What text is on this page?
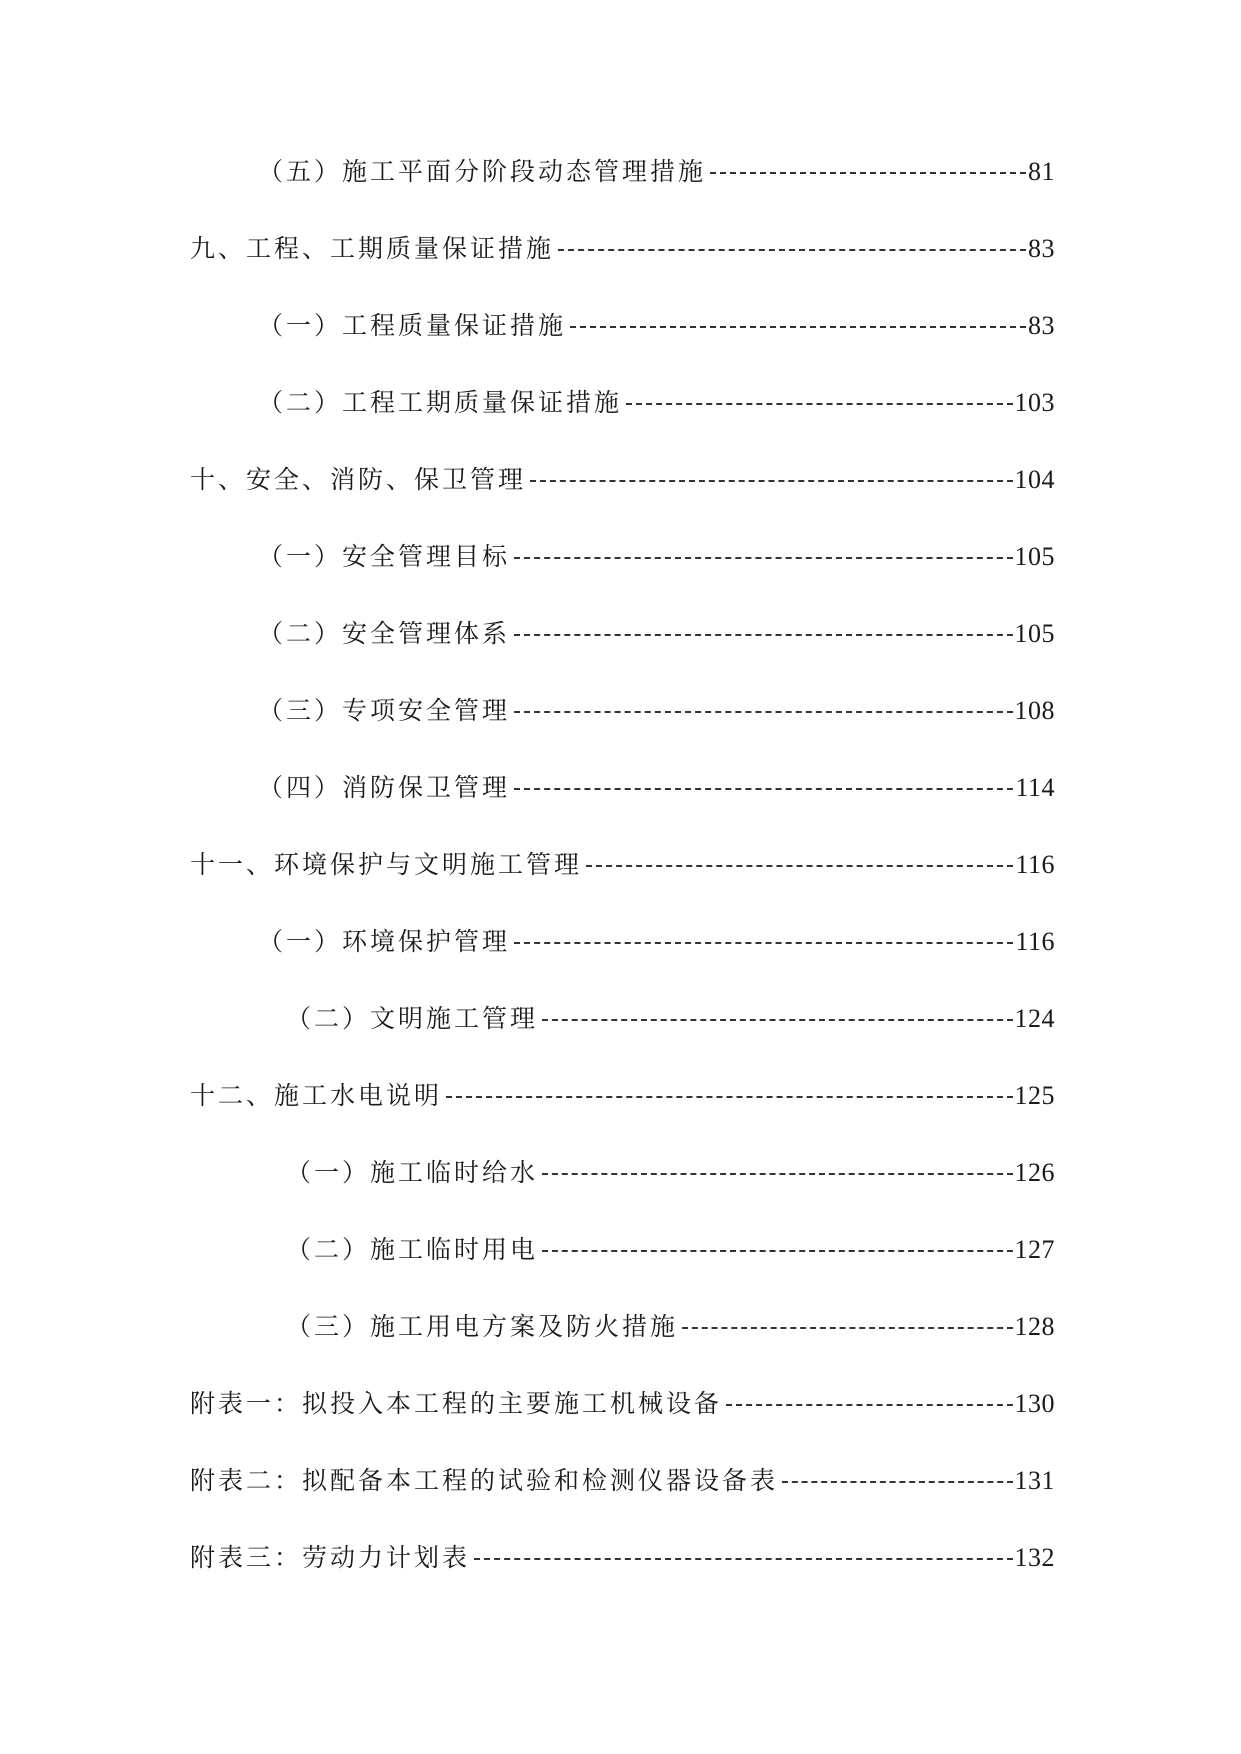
（五）施工平面分阶段动态管理措施	81
九、工程、工期质量保证措施	83
（一）工程质量保证措施	83
（二）工程工期质量保证措施	103
十、安全、消防、保卫管理	104
（一）安全管理目标	105
（二）安全管理体系	105
（三）专项安全管理	108
（四）消防保卫管理	114
十一、环境保护与文明施工管理	116
（一）环境保护管理	116
（二）文明施工管理	124
十二、施工水电说明	125
（一）施工临时给水	126
（二）施工临时用电	127
（三）施工用电方案及防火措施	128
附表一：拟投入本工程的主要施工机械设备	130
附表二：拟配备本工程的试验和检测仪器设备表	131
附表三：劳动力计划表	132
